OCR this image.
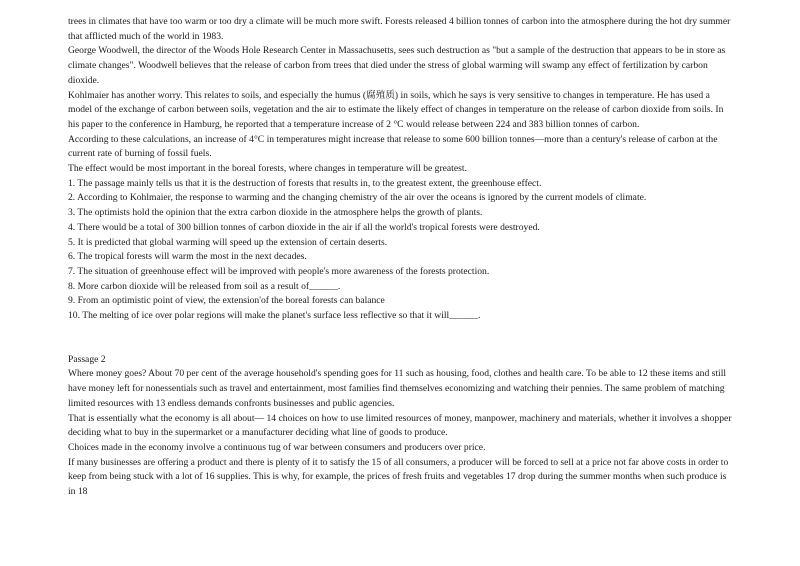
trees in climates that have too warm or too dry a climate will be much more swift. Forests released 4 billion tonnes of carbon into the atmosphere during the hot dry summer that afflicted much of the world in 1983.

George Woodwell, the director of the Woods Hole Research Center in Massachusetts, sees such destruction as "but a sample of the destruction that appears to be in store as climate changes". Woodwell believes that the release of carbon from trees that died under the stress of global warming will swamp any effect of fertilization by carbon dioxide.

Kohlmaier has another worry. This relates to soils, and especially the humus (腐殖质) in soils, which he says is very sensitive to changes in temperature. He has used a model of the exchange of carbon between soils, vegetation and the air to estimate the likely effect of changes in temperature on the release of carbon dioxide from soils. In his paper to the conference in Hamburg, he reported that a temperature increase of 2 °C would release between 224 and 383 billion tonnes of carbon.

According to these calculations, an increase of 4°C in temperatures might increase that release to some 600 billion tonnes—more than a century's release of carbon at the current rate of burning of fossil fuels.

The effect would be most important in the boreal forests, where changes in temperature will be greatest.

1. The passage mainly tells us that it is the destruction of forests that results in, to the greatest extent, the greenhouse effect.
2. According to Kohlmaier, the response to warming and the changing chemistry of the air over the oceans is ignored by the current models of climate.
3. The optimists hold the opinion that the extra carbon dioxide in the atmosphere helps the growth of plants.
4. There would be a total of 300 billion tonnes of carbon dioxide in the air if all the world's tropical forests were destroyed.
5. It is predicted that global warming will speed up the extension of certain deserts.
6. The tropical forests will warm the most in the next decades.
7. The situation of greenhouse effect will be improved with people's more awareness of the forests protection.
8. More carbon dioxide will be released from soil as a result of______.
9. From an optimistic point of view, the extension'of the boreal forests can balance
10. The melting of ice over polar regions will make the planet's surface less reflective so that it will______.

Passage 2

Where money goes? About 70 per cent of the average household's spending goes for 11 such as housing, food, clothes and health care. To be able to 12 these items and still have money left for nonessentials such as travel and entertainment, most families find themselves economizing and watching their pennies. The same problem of matching limited resources with 13 endless demands confronts businesses and public agencies.

That is essentially what the economy is all about— 14 choices on how to use limited resources of money, manpower, machinery and materials, whether it involves a shopper deciding what to buy in the supermarket or a manufacturer deciding what line of goods to produce.

Choices made in the economy involve a continuous tug of war between consumers and producers over price.

If many businesses are offering a product and there is plenty of it to satisfy the 15 of all consumers, a producer will be forced to sell at a price not far above costs in order to keep from being stuck with a lot of 16 supplies. This is why, for example, the prices of fresh fruits and vegetables 17 drop during the summer months when such produce is in 18
